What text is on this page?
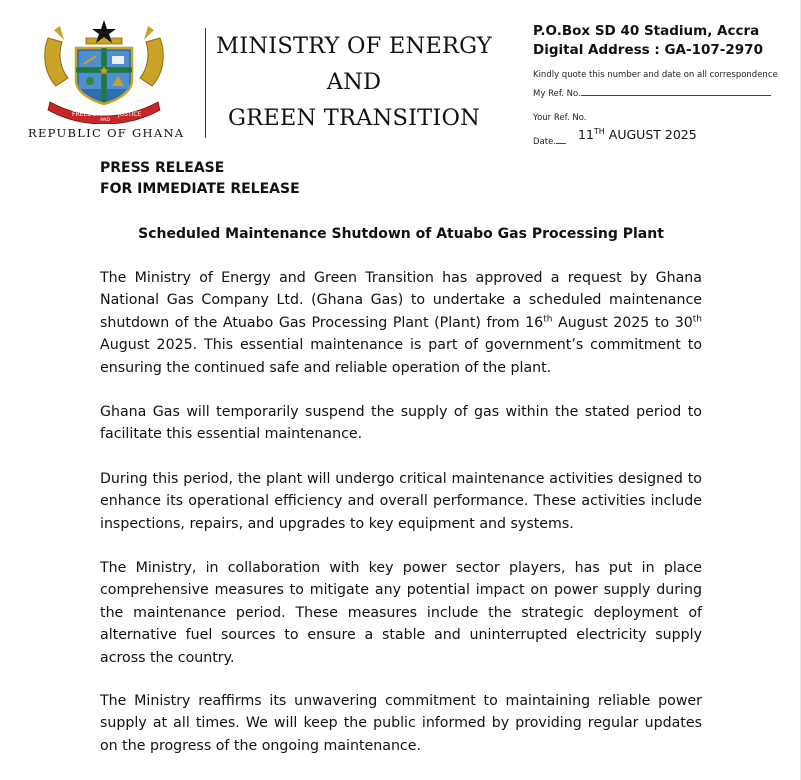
FREEDOM
AND
JUSTICE
REPUBLIC OF GHANA
MINISTRY OF ENERGY
AND
GREEN TRANSITION
P.O.Box SD 40 Stadium, Accra
Digital Address : GA-107-2970
Kindly quote this number and date on all correspondence
My Ref. No.
Your Ref. No.
Date.	11TH AUGUST 2025
PRESS RELEASE
FOR IMMEDIATE RELEASE
Scheduled Maintenance Shutdown of Atuabo Gas Processing Plant
The Ministry of Energy and Green Transition has approved a request by Ghana National Gas Company Ltd. (Ghana Gas) to undertake a scheduled maintenance shutdown of the Atuabo Gas Processing Plant (Plant) from 16th August 2025 to 30th August 2025. This essential maintenance is part of government’s commitment to ensuring the continued safe and reliable operation of the plant.
Ghana Gas will temporarily suspend the supply of gas within the stated period to facilitate this essential maintenance.
During this period, the plant will undergo critical maintenance activities designed to enhance its operational efficiency and overall performance. These activities include inspections, repairs, and upgrades to key equipment and systems.
The Ministry, in collaboration with key power sector players, has put in place comprehensive measures to mitigate any potential impact on power supply during the maintenance period. These measures include the strategic deployment of alternative fuel sources to ensure a stable and uninterrupted electricity supply across the country.
The Ministry reaffirms its unwavering commitment to maintaining reliable power supply at all times. We will keep the public informed by providing regular updates on the progress of the ongoing maintenance.
